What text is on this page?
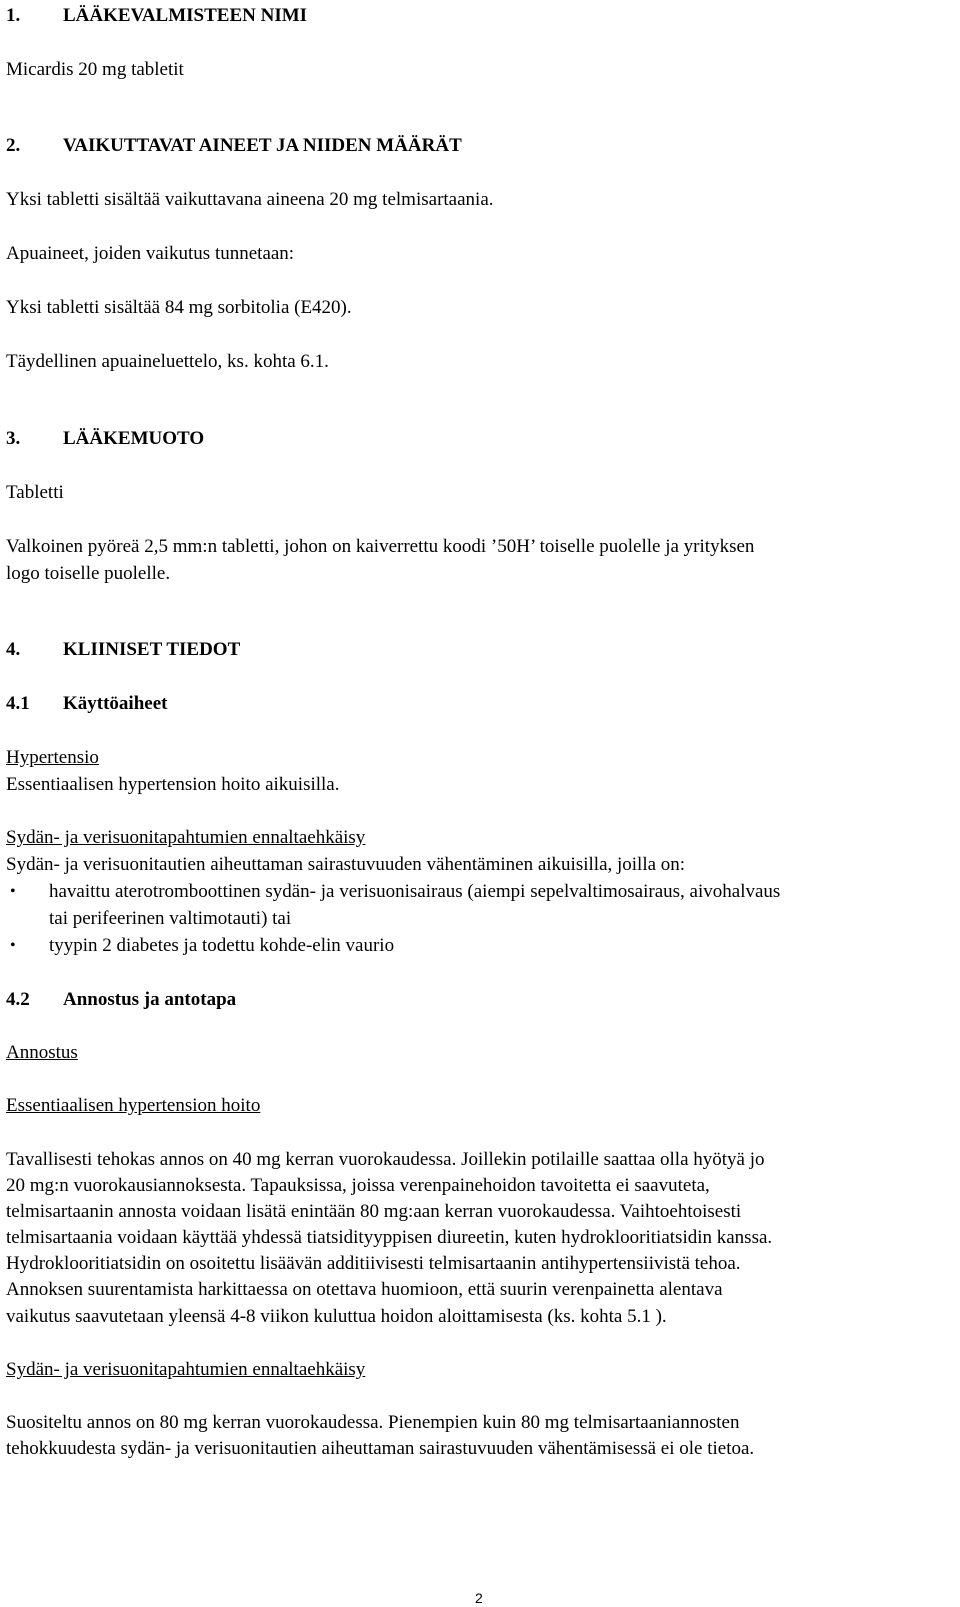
1. LÄÄKEVALMISTEEN NIMI
Micardis 20 mg tabletit
2. VAIKUTTAVAT AINEET JA NIIDEN MÄÄRÄT
Yksi tabletti sisältää vaikuttavana aineena 20 mg telmisartaania.
Apuaineet, joiden vaikutus tunnetaan:
Yksi tabletti sisältää 84 mg sorbitolia (E420).
Täydellinen apuaineluettelo, ks. kohta 6.1.
3. LÄÄKEMUOTO
Tabletti
Valkoinen pyöreä 2,5 mm:n tabletti, johon on kaiverrettu koodi ’50H’ toiselle puolelle ja yrityksen
logo toiselle puolelle.
4. KLIINISET TIEDOT
4.1 Käyttöaiheet
Hypertensio
Essentiaalisen hypertension hoito aikuisilla.
Sydän- ja verisuonitapahtumien ennaltaehkäisy
Sydän- ja verisuonitautien aiheuttaman sairastuvuuden vähentäminen aikuisilla, joilla on:
• havaittu aterotromboottinen sydän- ja verisuonisairaus (aiempi sepelvaltimosairaus, aivohalvaus
tai perifeerinen valtimotauti) tai
• tyypin 2 diabetes ja todettu kohde-elin vaurio
4.2 Annostus ja antotapa
Annostus
Essentiaalisen hypertension hoito
Tavallisesti tehokas annos on 40 mg kerran vuorokaudessa. Joillekin potilaille saattaa olla hyötyä jo
20 mg:n vuorokausiannoksesta. Tapauksissa, joissa verenpainehoidon tavoitetta ei saavuteta,
telmisartaanin annosta voidaan lisätä enintään 80 mg:aan kerran vuorokaudessa. Vaihtoehtoisesti
telmisartaania voidaan käyttää yhdessä tiatsidityyppisen diureetin, kuten hydroklooritiatsidin kanssa.
Hydroklooritiatsidin on osoitettu lisäävän additiivisesti telmisartaanin antihypertensiivistä tehoa.
Annoksen suurentamista harkittaessa on otettava huomioon, että suurin verenpainetta alentava
vaikutus saavutetaan yleensä 4-8 viikon kuluttua hoidon aloittamisesta (ks. kohta 5.1 ).
Sydän- ja verisuonitapahtumien ennaltaehkäisy
Suositeltu annos on 80 mg kerran vuorokaudessa. Pienempien kuin 80 mg telmisartaaniannosten
tehokkuudesta sydän- ja verisuonitautien aiheuttaman sairastuvuuden vähentämisessä ei ole tietoa.
2
